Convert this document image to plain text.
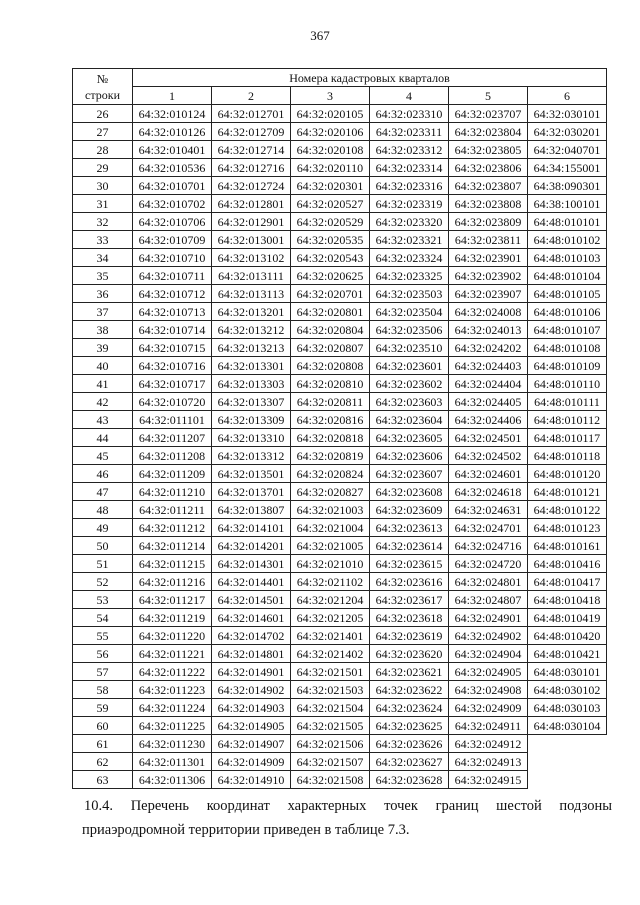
367
№
строки	Номера кадастровых кварталов					
	1	2	3	4	5	6
26	64:32:010124	64:32:012701	64:32:020105	64:32:023310	64:32:023707	64:32:030101
27	64:32:010126	64:32:012709	64:32:020106	64:32:023311	64:32:023804	64:32:030201
28	64:32:010401	64:32:012714	64:32:020108	64:32:023312	64:32:023805	64:32:040701
29	64:32:010536	64:32:012716	64:32:020110	64:32:023314	64:32:023806	64:34:155001
30	64:32:010701	64:32:012724	64:32:020301	64:32:023316	64:32:023807	64:38:090301
31	64:32:010702	64:32:012801	64:32:020527	64:32:023319	64:32:023808	64:38:100101
32	64:32:010706	64:32:012901	64:32:020529	64:32:023320	64:32:023809	64:48:010101
33	64:32:010709	64:32:013001	64:32:020535	64:32:023321	64:32:023811	64:48:010102
34	64:32:010710	64:32:013102	64:32:020543	64:32:023324	64:32:023901	64:48:010103
35	64:32:010711	64:32:013111	64:32:020625	64:32:023325	64:32:023902	64:48:010104
36	64:32:010712	64:32:013113	64:32:020701	64:32:023503	64:32:023907	64:48:010105
37	64:32:010713	64:32:013201	64:32:020801	64:32:023504	64:32:024008	64:48:010106
38	64:32:010714	64:32:013212	64:32:020804	64:32:023506	64:32:024013	64:48:010107
39	64:32:010715	64:32:013213	64:32:020807	64:32:023510	64:32:024202	64:48:010108
40	64:32:010716	64:32:013301	64:32:020808	64:32:023601	64:32:024403	64:48:010109
41	64:32:010717	64:32:013303	64:32:020810	64:32:023602	64:32:024404	64:48:010110
42	64:32:010720	64:32:013307	64:32:020811	64:32:023603	64:32:024405	64:48:010111
43	64:32:011101	64:32:013309	64:32:020816	64:32:023604	64:32:024406	64:48:010112
44	64:32:011207	64:32:013310	64:32:020818	64:32:023605	64:32:024501	64:48:010117
45	64:32:011208	64:32:013312	64:32:020819	64:32:023606	64:32:024502	64:48:010118
46	64:32:011209	64:32:013501	64:32:020824	64:32:023607	64:32:024601	64:48:010120
47	64:32:011210	64:32:013701	64:32:020827	64:32:023608	64:32:024618	64:48:010121
48	64:32:011211	64:32:013807	64:32:021003	64:32:023609	64:32:024631	64:48:010122
49	64:32:011212	64:32:014101	64:32:021004	64:32:023613	64:32:024701	64:48:010123
50	64:32:011214	64:32:014201	64:32:021005	64:32:023614	64:32:024716	64:48:010161
51	64:32:011215	64:32:014301	64:32:021010	64:32:023615	64:32:024720	64:48:010416
52	64:32:011216	64:32:014401	64:32:021102	64:32:023616	64:32:024801	64:48:010417
53	64:32:011217	64:32:014501	64:32:021204	64:32:023617	64:32:024807	64:48:010418
54	64:32:011219	64:32:014601	64:32:021205	64:32:023618	64:32:024901	64:48:010419
55	64:32:011220	64:32:014702	64:32:021401	64:32:023619	64:32:024902	64:48:010420
56	64:32:011221	64:32:014801	64:32:021402	64:32:023620	64:32:024904	64:48:010421
57	64:32:011222	64:32:014901	64:32:021501	64:32:023621	64:32:024905	64:48:030101
58	64:32:011223	64:32:014902	64:32:021503	64:32:023622	64:32:024908	64:48:030102
59	64:32:011224	64:32:014903	64:32:021504	64:32:023624	64:32:024909	64:48:030103
60	64:32:011225	64:32:014905	64:32:021505	64:32:023625	64:32:024911	64:48:030104
61	64:32:011230	64:32:014907	64:32:021506	64:32:023626	64:32:024912	
62	64:32:011301	64:32:014909	64:32:021507	64:32:023627	64:32:024913	
63	64:32:011306	64:32:014910	64:32:021508	64:32:023628	64:32:024915	
10.4. Перечень координат характерных точек границ шестой подзоны
приаэродромной территории приведен в таблице 7.3.
